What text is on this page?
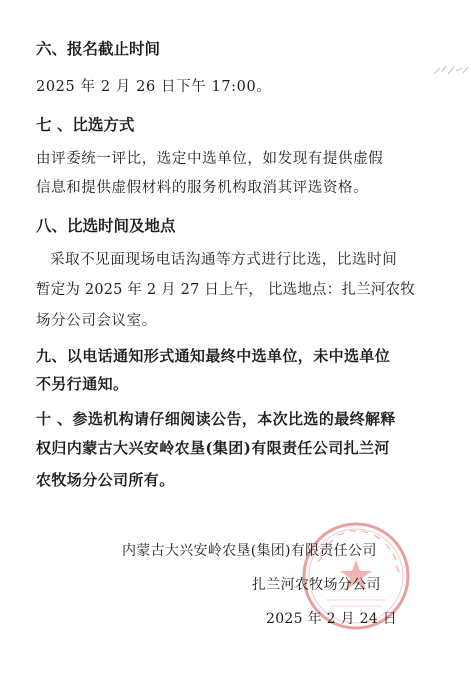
六、报名截止时间
2025 年 2 月 26 日下午 17:00。
七 、比选方式
由评委统一评比，选定中选单位，如发现有提供虚假
信息和提供虚假材料的服务机构取消其评选资格。
八、比选时间及地点
采取不见面现场电话沟通等方式进行比选，比选时间
暂定为 2025 年 2 月 27 日上午， 比选地点：扎兰河农牧
场分公司会议室。
九、以电话通知形式通知最终中选单位，未中选单位
不另行通知。
十 、参选机构请仔细阅读公告，本次比选的最终解释
权归内蒙古大兴安岭农垦(集团)有限责任公司扎兰河
农牧场分公司所有。
内蒙古大兴安岭农垦(集团)有限责任公司
扎兰河农牧场分公司
2025 年 2 月 24 日
